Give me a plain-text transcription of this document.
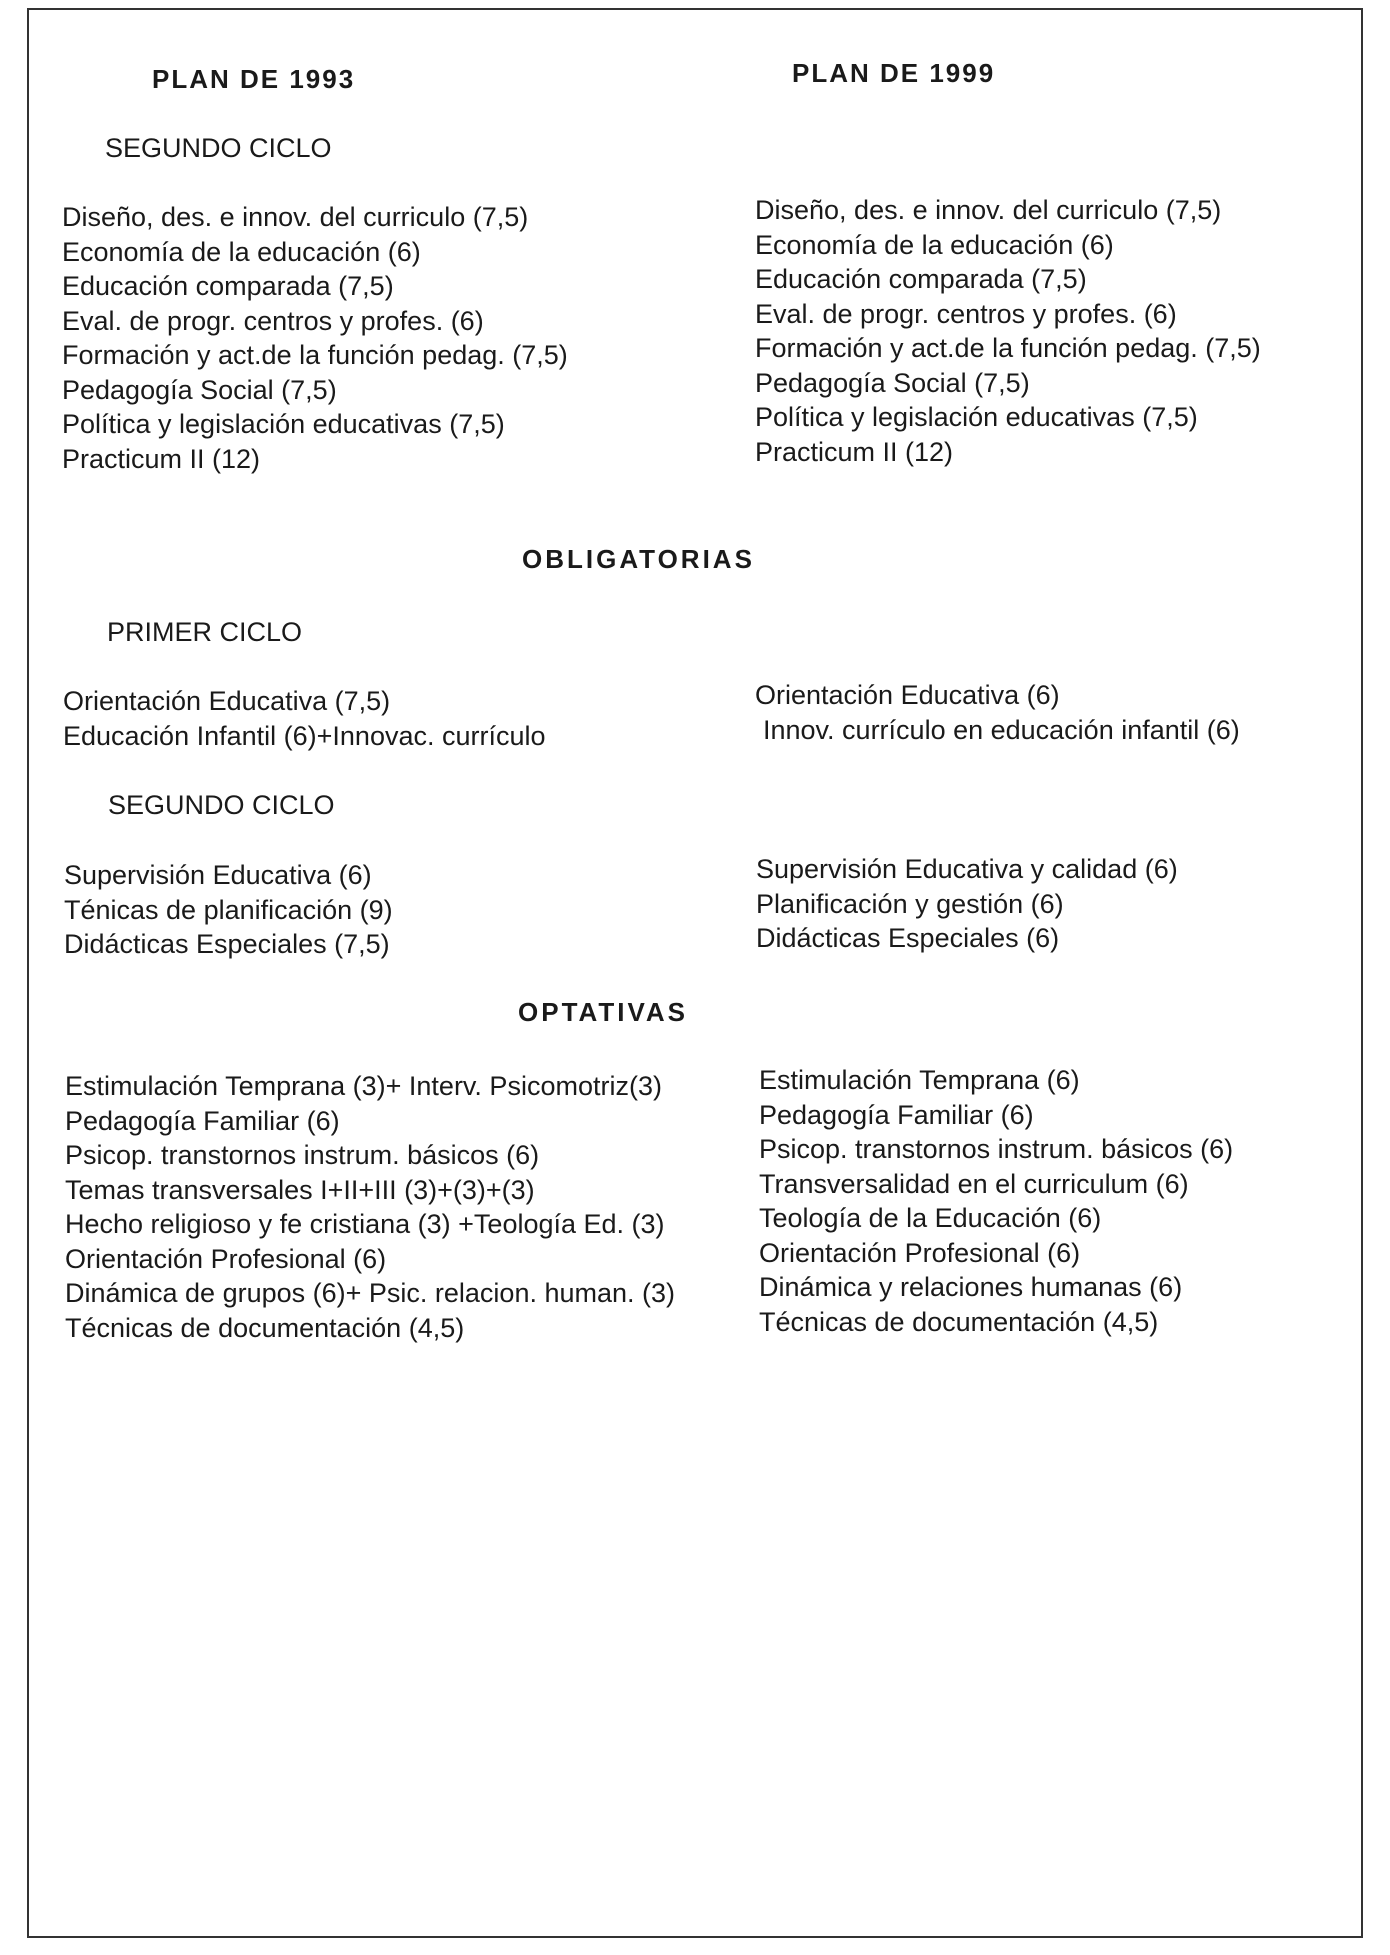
PLAN DE 1993	PLAN DE 1999
SEGUNDO CICLO
Diseño, des. e innov. del curriculo (7,5)
Economía de la educación (6)
Educación comparada (7,5)
Eval. de progr. centros y profes. (6)
Formación y act.de la función pedag. (7,5)
Pedagogía Social (7,5)
Política y legislación educativas (7,5)
Practicum II (12)
Diseño, des. e innov. del curriculo (7,5)
Economía de la educación (6)
Educación comparada (7,5)
Eval. de progr. centros y profes. (6)
Formación y act.de la función pedag. (7,5)
Pedagogía Social (7,5)
Política y legislación educativas (7,5)
Practicum II (12)
OBLIGATORIAS
PRIMER CICLO
Orientación Educativa (7,5)
Educación Infantil (6)+Innovac. currículo
Orientación Educativa (6)
Innov. currículo en educación infantil (6)
SEGUNDO CICLO
Supervisión Educativa (6)
Ténicas de planificación (9)
Didácticas Especiales (7,5)
Supervisión Educativa y calidad (6)
Planificación y gestión (6)
Didácticas Especiales (6)
OPTATIVAS
Estimulación Temprana (3)+ Interv. Psicomotriz(3)
Pedagogía Familiar (6)
Psicop. transtornos instrum. básicos (6)
Temas transversales I+II+III (3)+(3)+(3)
Hecho religioso y fe cristiana (3) +Teología Ed. (3)
Orientación Profesional (6)
Dinámica de grupos (6)+ Psic. relacion. human. (3)
Técnicas de documentación (4,5)
Estimulación Temprana (6)
Pedagogía Familiar (6)
Psicop. transtornos instrum. básicos (6)
Transversalidad en el curriculum (6)
Teología de la Educación (6)
Orientación Profesional (6)
Dinámica y relaciones humanas (6)
Técnicas de documentación (4,5)
